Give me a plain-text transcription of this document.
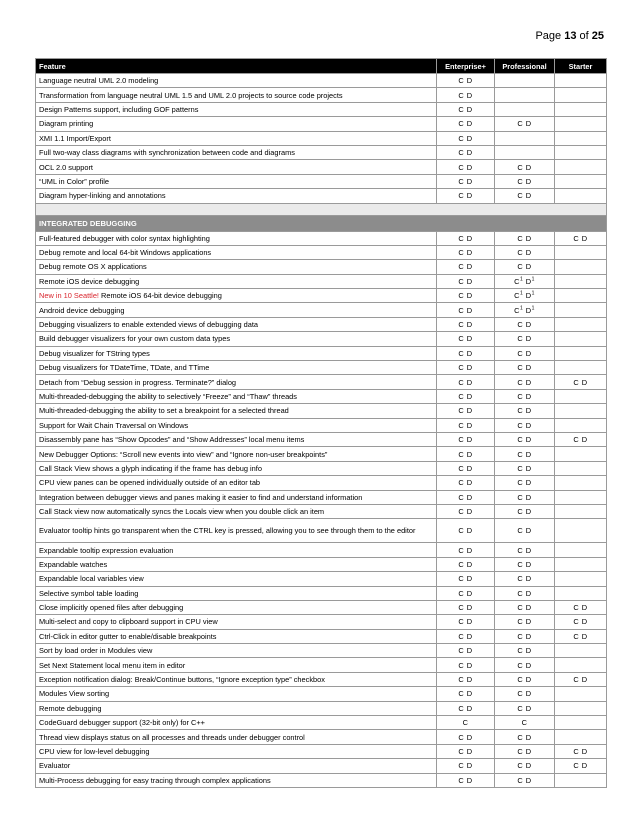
Page 13 of 25
Feature	Enterprise+	Professional	Starter
Language neutral UML 2.0 modeling	C D		
Transformation from language neutral UML 1.5 and UML 2.0 projects to source code projects	C D		
Design Patterns support, including GOF patterns	C D		
Diagram printing	C D	C D	
XMI 1.1 Import/Export	C D		
Full two-way class diagrams with synchronization between code and diagrams	C D		
OCL 2.0 support	C D	C D	
“UML in Color” profile	C D	C D	
Diagram hyper-linking and annotations	C D	C D	

INTEGRATED DEBUGGING			
Full-featured debugger with color syntax highlighting	C D	C D	C D
Debug remote and local 64-bit Windows applications	C D	C D	
Debug remote OS X applications	C D	C D	
Remote iOS device debugging	C D	$C^1$ $D^1$	
New in 10 Seattle! Remote iOS 64-bit device debugging	C D	$C^1$ $D^1$	
Android device debugging	C D	$C^1$ $D^1$	
Debugging visualizers to enable extended views of debugging data	C D	C D	
Build debugger visualizers for your own custom data types	C D	C D	
Debug visualizer for TString types	C D	C D	
Debug visualizers for TDateTime, TDate, and TTime	C D	C D	
Detach from “Debug session in progress. Terminate?” dialog	C D	C D	C D
Multi-threaded-debugging the ability to selectively “Freeze” and “Thaw” threads	C D	C D	
Multi-threaded-debugging the ability to set a breakpoint for a selected thread	C D	C D	
Support for Wait Chain Traversal on Windows	C D	C D	
Disassembly pane has “Show Opcodes” and “Show Addresses” local menu items	C D	C D	C D
New Debugger Options: “Scroll new events into view” and “Ignore non-user breakpoints”	C D	C D	
Call Stack View shows a glyph indicating if the frame has debug info	C D	C D	
CPU view panes can be opened individually outside of an editor tab	C D	C D	
Integration between debugger views and panes making it easier to find and understand information	C D	C D	
Call Stack view now automatically syncs the Locals view when you double click an item	C D	C D	
Evaluator tooltip hints go transparent when the CTRL key is pressed, allowing you to see through them to the editor	C D	C D	
Expandable tooltip expression evaluation	C D	C D	
Expandable watches	C D	C D	
Expandable local variables view	C D	C D	
Selective symbol table loading	C D	C D	
Close implicitly opened files after debugging	C D	C D	C D
Multi-select and copy to clipboard support in CPU view	C D	C D	C D
Ctrl-Click in editor gutter to enable/disable breakpoints	C D	C D	C D
Sort by load order in Modules view	C D	C D	
Set Next Statement local menu item in editor	C D	C D	
Exception notification dialog: Break/Continue buttons, “Ignore exception type” checkbox	C D	C D	C D
Modules View sorting	C D	C D	
Remote debugging	C D	C D	
CodeGuard debugger support (32-bit only) for C++	C	C	
Thread view displays status on all processes and threads under debugger control	C D	C D	
CPU view for low-level debugging	C D	C D	C D
Evaluator	C D	C D	C D
Multi-Process debugging for easy tracing through complex applications	C D	C D	
